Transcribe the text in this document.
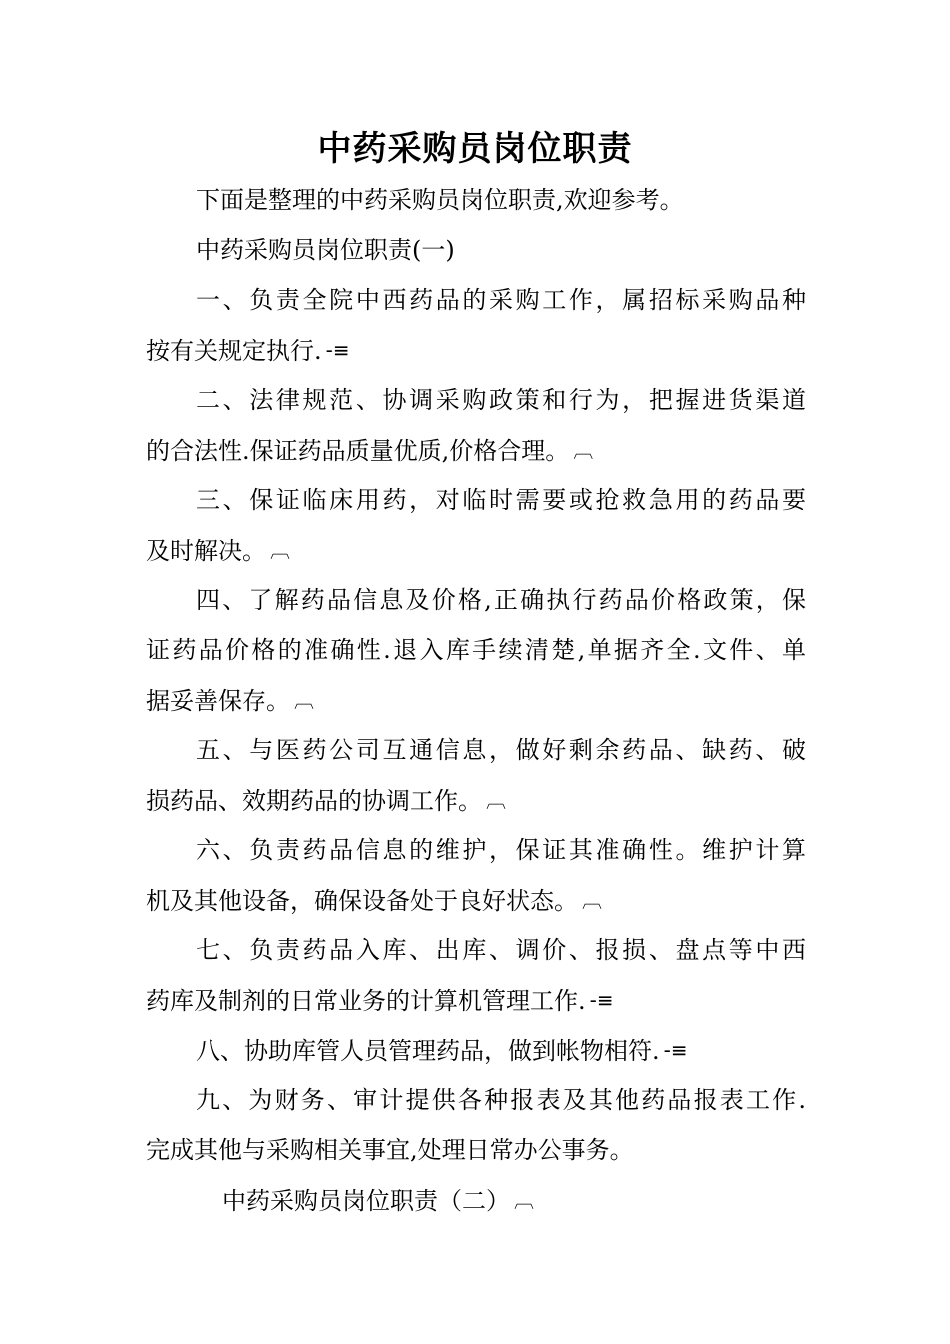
中药采购员岗位职责
下面是整理的中药采购员岗位职责,欢迎参考。
中药采购员岗位职责(一)
一、负责全院中西药品的采购工作，属招标采购品种
按有关规定执行. -≡
二、法律规范、协调采购政策和行为，把握进货渠道
的合法性.保证药品质量优质,价格合理。 ︹
三、保证临床用药，对临时需要或抢救急用的药品要
及时解决。 ︹
四、了解药品信息及价格,正确执行药品价格政策，保
证药品价格的准确性.退入库手续清楚,单据齐全.文件、单
据妥善保存。 ︹
五、与医药公司互通信息，做好剩余药品、缺药、破
损药品、效期药品的协调工作。 ︹
六、负责药品信息的维护，保证其准确性。维护计算
机及其他设备，确保设备处于良好状态。 ︹
七、负责药品入库、出库、调价、报损、盘点等中西
药库及制剂的日常业务的计算机管理工作. -≡
八、协助库管人员管理药品，做到帐物相符. -≡
九、为财务、审计提供各种报表及其他药品报表工作.
完成其他与采购相关事宜,处理日常办公事务。
中药采购员岗位职责（二） ︹
